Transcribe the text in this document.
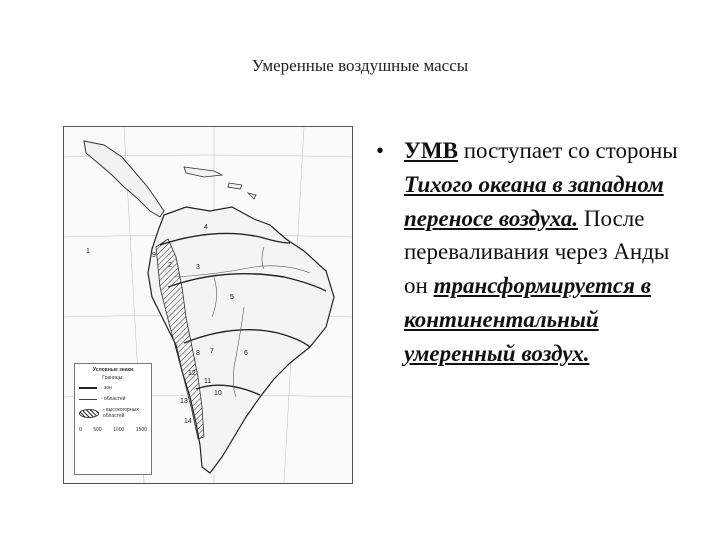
Умеренные воздушные массы
1
2	3
4
5
6
7
8
9
10
11
12
13
14
Условные знаки
Границы:
- зон
- областей
- высокогорных областей
0 500 1000 1500
• УМВ поступает со стороны Тихого океана в западном переносе воздуха. После переваливания через Анды он трансформируется в континентальный умеренный воздух.
